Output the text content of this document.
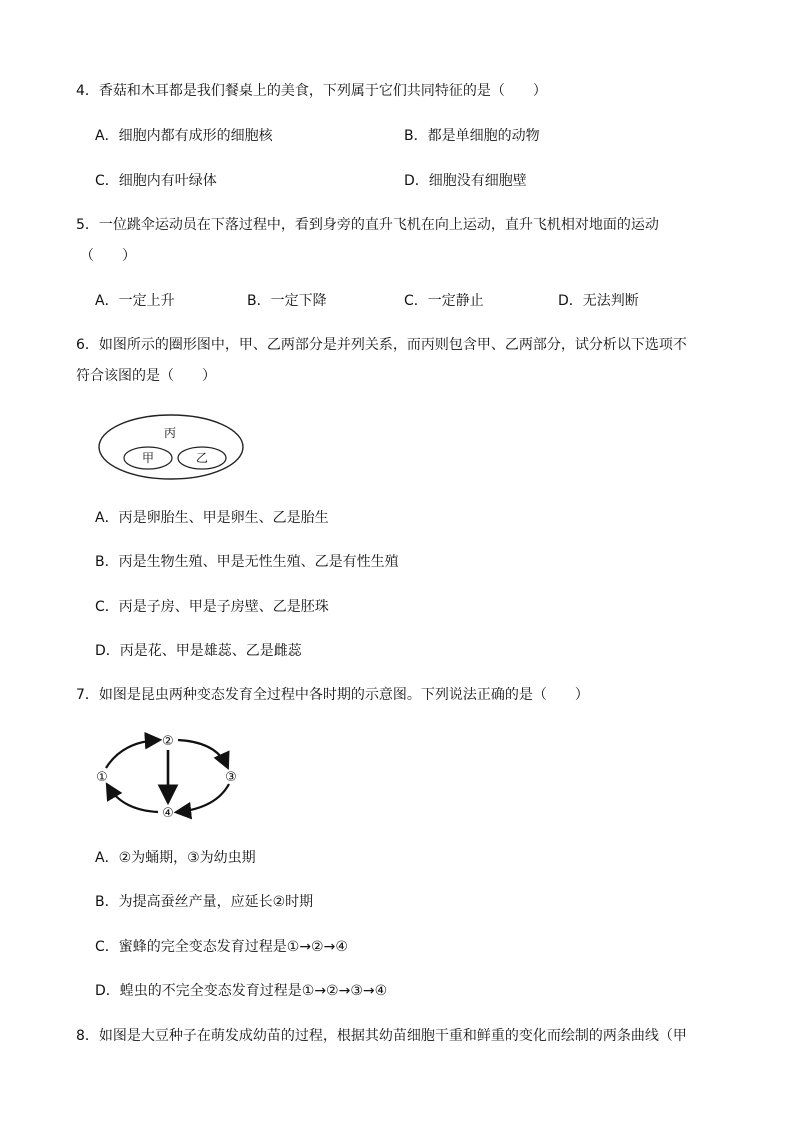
4．香菇和木耳都是我们餐桌上的美食，下列属于它们共同特征的是（　　）
A．细胞内都有成形的细胞核	B．都是单细胞的动物
C．细胞内有叶绿体	D．细胞没有细胞壁
5．一位跳伞运动员在下落过程中，看到身旁的直升飞机在向上运动，直升飞机相对地面的运动
（　　）
A．一定上升	B．一定下降	C．一定静止	D．无法判断
6．如图所示的圈形图中，甲、乙两部分是并列关系，而丙则包含甲、乙两部分，试分析以下选项不
符合该图的是（　　）
丙
甲	乙
A．丙是卵胎生、甲是卵生、乙是胎生
B．丙是生物生殖、甲是无性生殖、乙是有性生殖
C．丙是子房、甲是子房壁、乙是胚珠
D．丙是花、甲是雄蕊、乙是雌蕊
7．如图是昆虫两种变态发育全过程中各时期的示意图。下列说法正确的是（　　）
①
②
③
④
A．②为蛹期，③为幼虫期
B．为提高蚕丝产量，应延长②时期
C．蜜蜂的完全变态发育过程是①→②→④
D．蝗虫的不完全变态发育过程是①→②→③→④
8．如图是大豆种子在萌发成幼苗的过程，根据其幼苗细胞干重和鲜重的变化而绘制的两条曲线（甲
